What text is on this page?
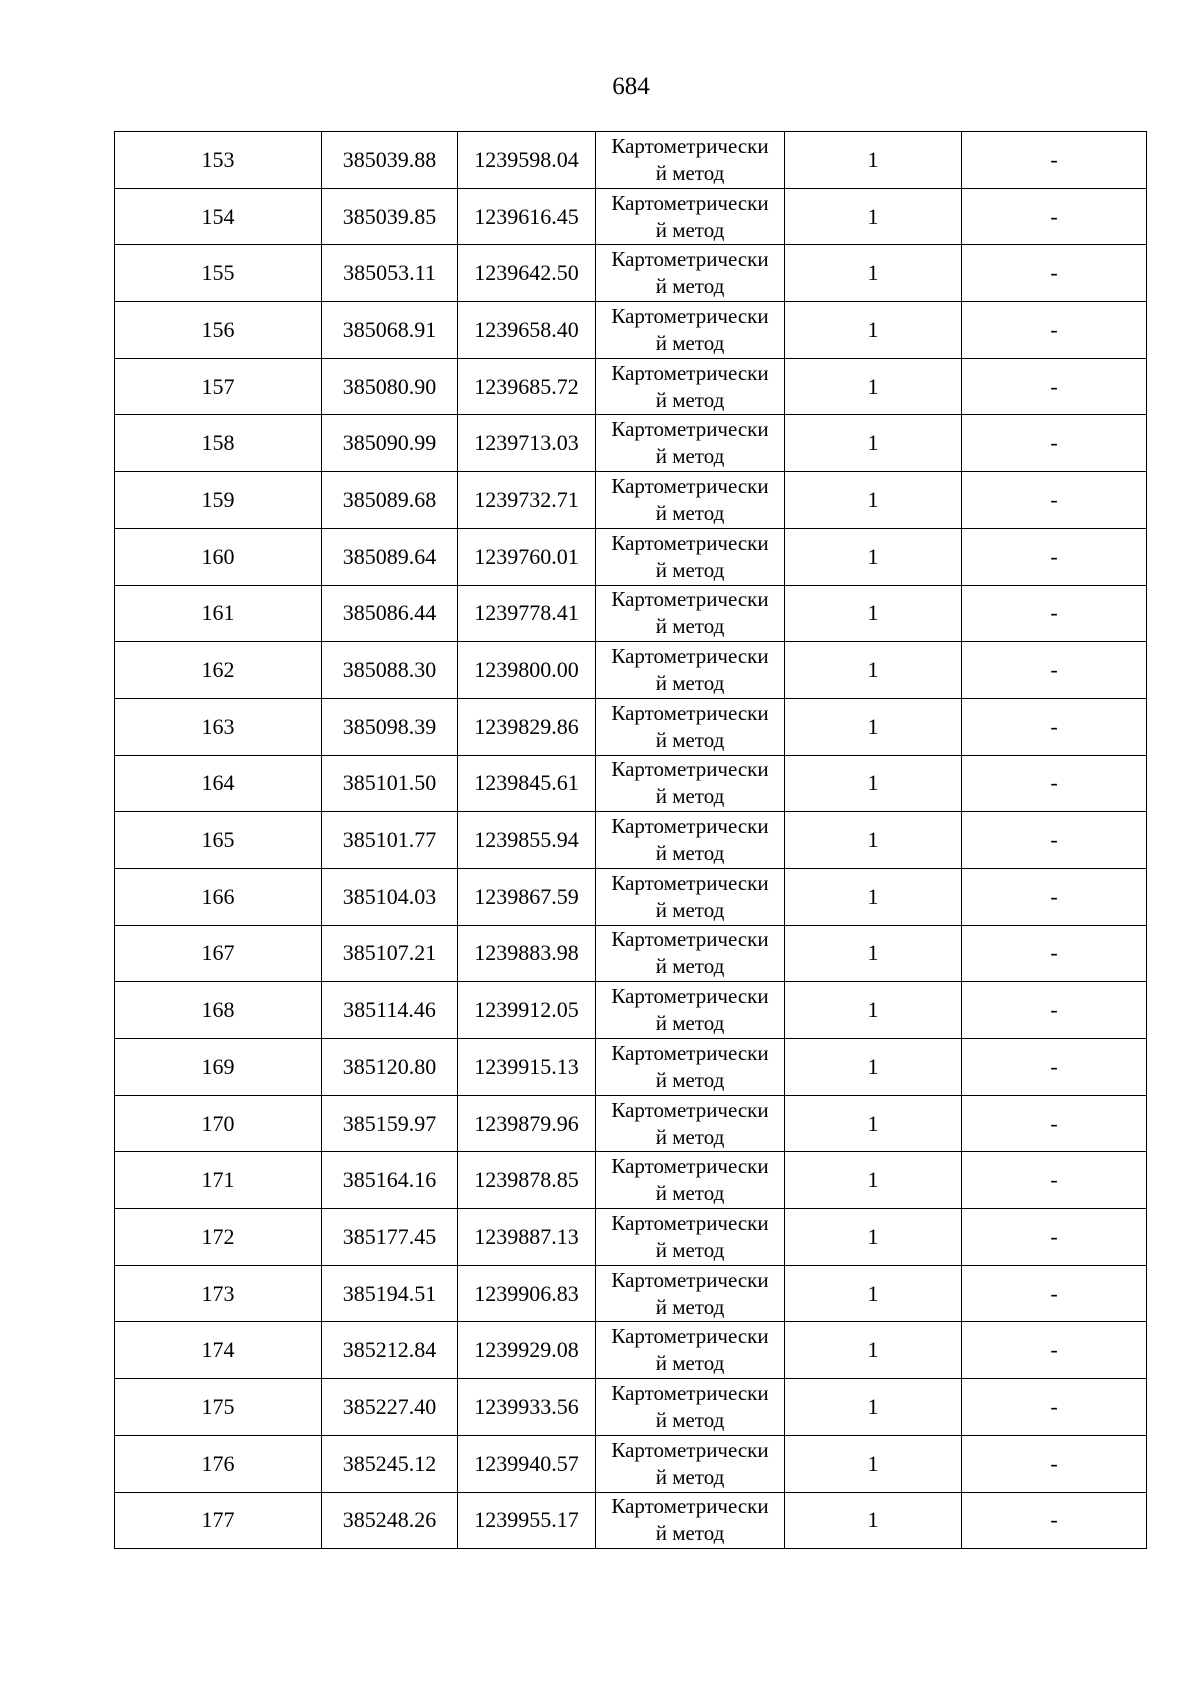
684
153	385039.88	1239598.04	Картометрически
й метод	1	-
154	385039.85	1239616.45	Картометрически
й метод	1	-
155	385053.11	1239642.50	Картометрически
й метод	1	-
156	385068.91	1239658.40	Картометрически
й метод	1	-
157	385080.90	1239685.72	Картометрически
й метод	1	-
158	385090.99	1239713.03	Картометрически
й метод	1	-
159	385089.68	1239732.71	Картометрически
й метод	1	-
160	385089.64	1239760.01	Картометрически
й метод	1	-
161	385086.44	1239778.41	Картометрически
й метод	1	-
162	385088.30	1239800.00	Картометрически
й метод	1	-
163	385098.39	1239829.86	Картометрически
й метод	1	-
164	385101.50	1239845.61	Картометрически
й метод	1	-
165	385101.77	1239855.94	Картометрически
й метод	1	-
166	385104.03	1239867.59	Картометрически
й метод	1	-
167	385107.21	1239883.98	Картометрически
й метод	1	-
168	385114.46	1239912.05	Картометрически
й метод	1	-
169	385120.80	1239915.13	Картометрически
й метод	1	-
170	385159.97	1239879.96	Картометрически
й метод	1	-
171	385164.16	1239878.85	Картометрически
й метод	1	-
172	385177.45	1239887.13	Картометрически
й метод	1	-
173	385194.51	1239906.83	Картометрически
й метод	1	-
174	385212.84	1239929.08	Картометрически
й метод	1	-
175	385227.40	1239933.56	Картометрически
й метод	1	-
176	385245.12	1239940.57	Картометрически
й метод	1	-
177	385248.26	1239955.17	Картометрически
й метод	1	-
